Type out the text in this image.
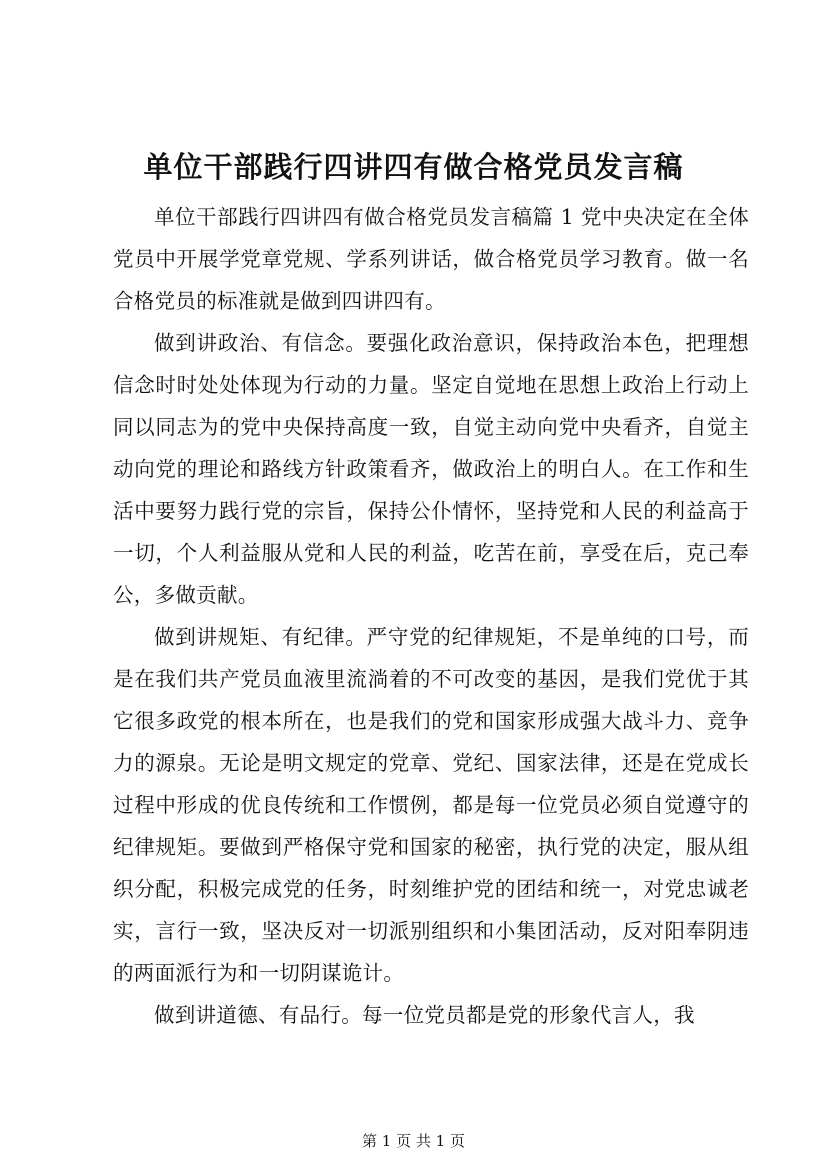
单位干部践行四讲四有做合格党员发言稿

单位干部践行四讲四有做合格党员发言稿篇 1 党中央决定在全体党员中开展学党章党规、学系列讲话，做合格党员学习教育。做一名合格党员的标准就是做到四讲四有。

做到讲政治、有信念。要强化政治意识，保持政治本色，把理想信念时时处处体现为行动的力量。坚定自觉地在思想上政治上行动上同以同志为的党中央保持高度一致，自觉主动向党中央看齐，自觉主动向党的理论和路线方针政策看齐，做政治上的明白人。在工作和生活中要努力践行党的宗旨，保持公仆情怀，坚持党和人民的利益高于一切，个人利益服从党和人民的利益，吃苦在前，享受在后，克己奉公，多做贡献。

做到讲规矩、有纪律。严守党的纪律规矩，不是单纯的口号，而是在我们共产党员血液里流淌着的不可改变的基因，是我们党优于其它很多政党的根本所在，也是我们的党和国家形成强大战斗力、竞争力的源泉。无论是明文规定的党章、党纪、国家法律，还是在党成长过程中形成的优良传统和工作惯例，都是每一位党员必须自觉遵守的纪律规矩。要做到严格保守党和国家的秘密，执行党的决定，服从组织分配，积极完成党的任务，时刻维护党的团结和统一，对党忠诚老实，言行一致，坚决反对一切派别组织和小集团活动，反对阳奉阴违的两面派行为和一切阴谋诡计。

做到讲道德、有品行。每一位党员都是党的形象代言人，我

第 1 页 共 1 页
